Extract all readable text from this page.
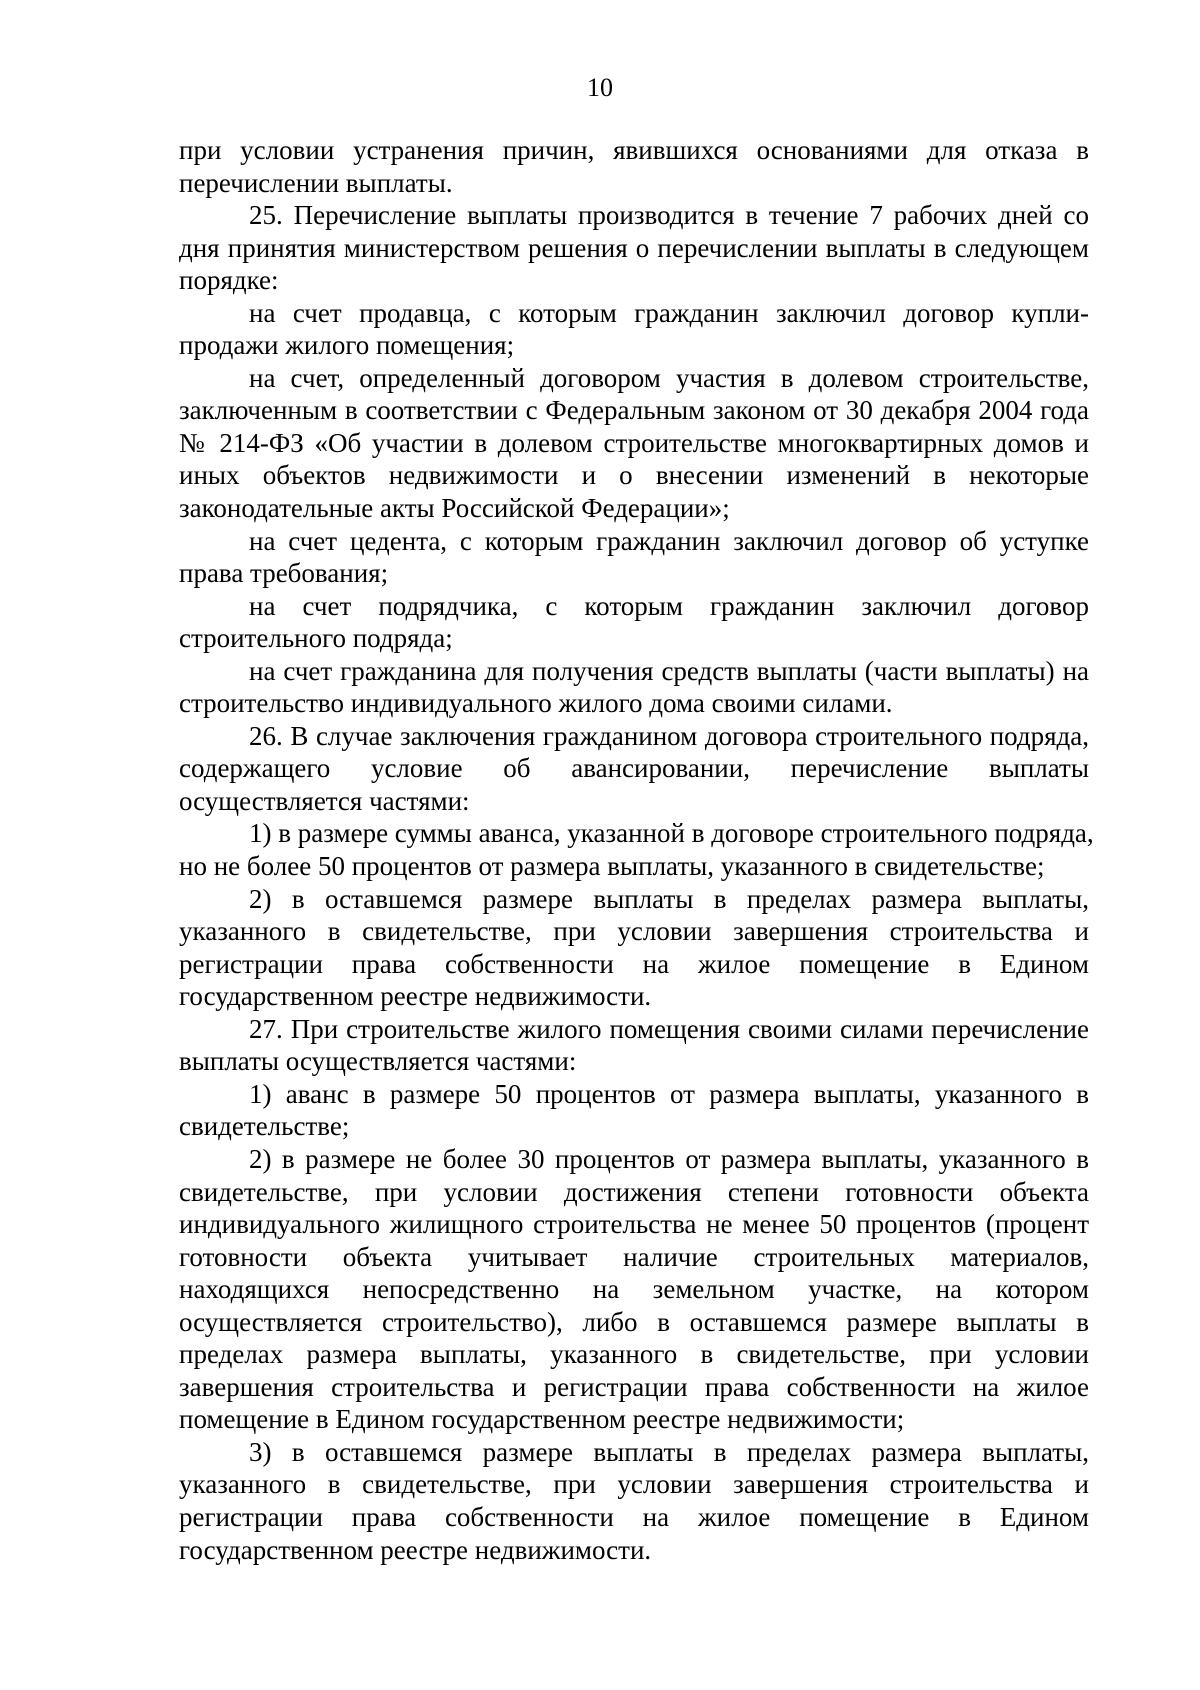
10
при условии устранения причин, явившихся основаниями для отказа в
перечислении выплаты.
25. Перечисление выплаты производится в течение 7 рабочих дней со
дня принятия министерством решения о перечислении выплаты в следующем
порядке:
на счет продавца, с которым гражданин заключил договор купли-
продажи жилого помещения;
на счет, определенный договором участия в долевом строительстве,
заключенным в соответствии с Федеральным законом от 30 декабря 2004 года
№ 214-ФЗ «Об участии в долевом строительстве многоквартирных домов и
иных объектов недвижимости и о внесении изменений в некоторые
законодательные акты Российской Федерации»;
на счет цедента, с которым гражданин заключил договор об уступке
права требования;
на счет подрядчика, с которым гражданин заключил договор
строительного подряда;
на счет гражданина для получения средств выплаты (части выплаты) на
строительство индивидуального жилого дома своими силами.
26. В случае заключения гражданином договора строительного подряда,
содержащего условие об авансировании, перечисление выплаты
осуществляется частями:
1) в размере суммы аванса, указанной в договоре строительного подряда,
но не более 50 процентов от размера выплаты, указанного в свидетельстве;
2) в оставшемся размере выплаты в пределах размера выплаты,
указанного в свидетельстве, при условии завершения строительства и
регистрации права собственности на жилое помещение в Едином
государственном реестре недвижимости.
27. При строительстве жилого помещения своими силами перечисление
выплаты осуществляется частями:
1) аванс в размере 50 процентов от размера выплаты, указанного в
свидетельстве;
2) в размере не более 30 процентов от размера выплаты, указанного в
свидетельстве, при условии достижения степени готовности объекта
индивидуального жилищного строительства не менее 50 процентов (процент
готовности объекта учитывает наличие строительных материалов,
находящихся непосредственно на земельном участке, на котором
осуществляется строительство), либо в оставшемся размере выплаты в
пределах размера выплаты, указанного в свидетельстве, при условии
завершения строительства и регистрации права собственности на жилое
помещение в Едином государственном реестре недвижимости;
3) в оставшемся размере выплаты в пределах размера выплаты,
указанного в свидетельстве, при условии завершения строительства и
регистрации права собственности на жилое помещение в Едином
государственном реестре недвижимости.
